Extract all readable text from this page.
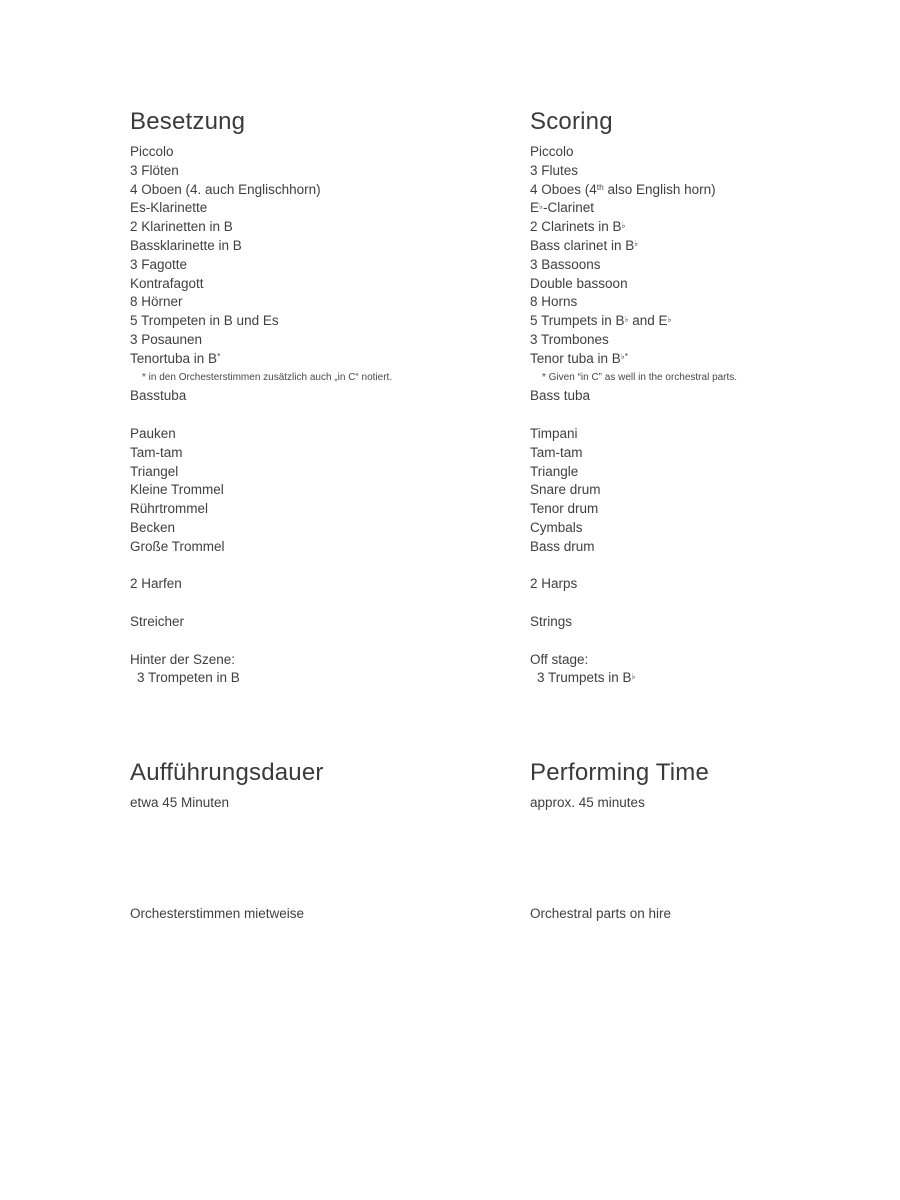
Besetzung
Piccolo
3 Flöten
4 Oboen (4. auch Englischhorn)
Es-Klarinette
2 Klarinetten in B
Bassklarinette in B
3 Fagotte
Kontrafagott
8 Hörner
5 Trompeten in B und Es
3 Posaunen
Tenortuba in B*
* in den Orchesterstimmen zusätzlich auch „in C“ notiert.
Basstuba
Pauken
Tam-tam
Triangel
Kleine Trommel
Rührtrommel
Becken
Große Trommel
2 Harfen
Streicher
Hinter der Szene:
3 Trompeten in B
Aufführungsdauer
etwa 45 Minuten
Orchesterstimmen mietweise
Scoring
Piccolo
3 Flutes
4 Oboes (4th also English horn)
E♭-Clarinet
2 Clarinets in B♭
Bass clarinet in B♭
3 Bassoons
Double bassoon
8 Horns
5 Trumpets in B♭ and E♭
3 Trombones
Tenor tuba in B♭*
* Given “in C” as well in the orchestral parts.
Bass tuba
Timpani
Tam-tam
Triangle
Snare drum
Tenor drum
Cymbals
Bass drum
2 Harps
Strings
Off stage:
3 Trumpets in B♭
Performing Time
approx. 45 minutes
Orchestral parts on hire
